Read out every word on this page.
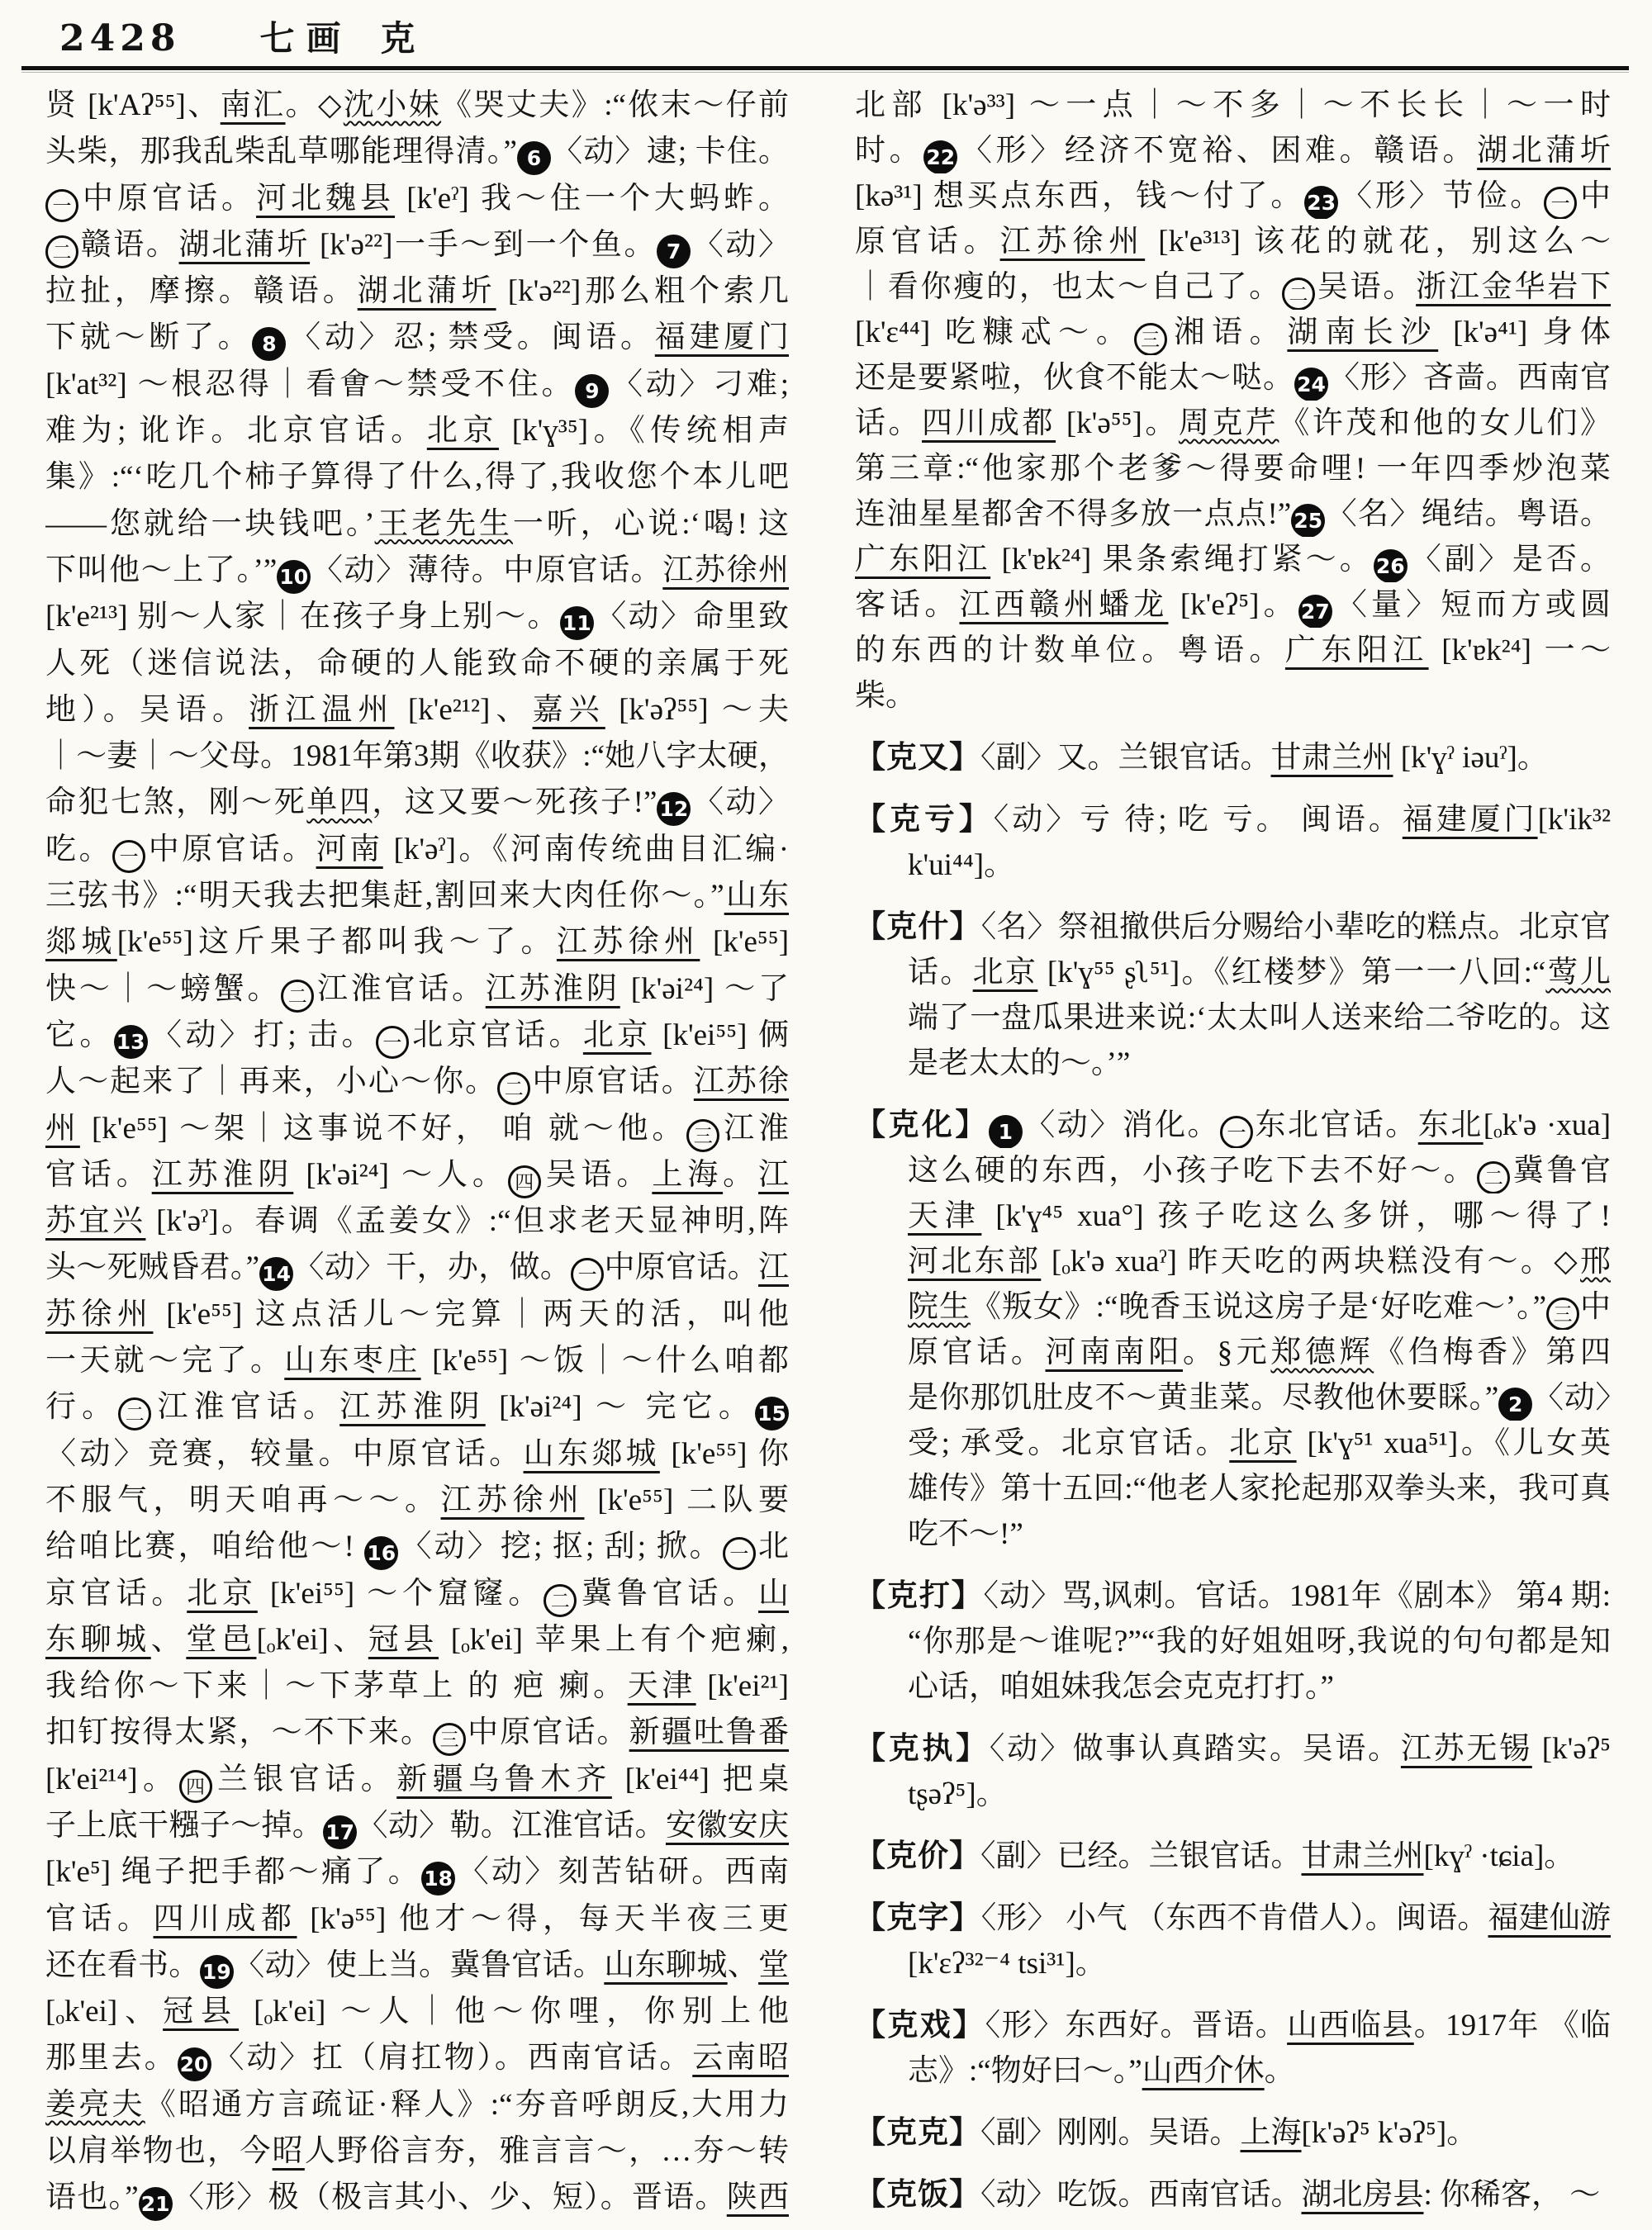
2428 七画 克
贤 [k'Aʔ⁵⁵]、南汇。◇沈小妹《哭丈夫》:“侬末～仔前
头柴，那我乱柴乱草哪能理得清。” 6 〈动〉逮; 卡住。
一 中原官话。河北魏县 [k'eˀ] 我～住一个大蚂蚱。
二 赣语。湖北蒲圻 [k'ə²²]一手～到一个鱼。 7 〈动〉
拉扯，摩擦。赣语。湖北蒲圻 [k'ə²²]那么粗个索几
下就～断了。 8 〈动〉忍; 禁受。闽语。福建厦门
[k'at³²] ～根忍得｜看㑹～禁受不住。 9 〈动〉刁难;
难为; 讹诈。北京官话。北京 [k'ɣ³⁵]。《传统相声
集》:“‘吃几个柿子算得了什么,得了,我收您个本儿吧
——您就给一块钱吧。’王老先生一听，心说:‘喝! 这
下叫他～上了。’” 10〈动〉薄待。中原官话。江苏徐州
[k'e²¹³] 别～人家｜在孩子身上别～。 11〈动〉命里致
人死（迷信说法，命硬的人能致命不硬的亲属于死
地）。吴语。浙江温州 [k'e²¹²]、嘉兴 [k'əʔ⁵⁵] ～夫
｜～妻｜～父母。1981年第3期《收获》:“她八字太硬，
命犯七煞，刚～死单四，这又要～死孩子!” 12〈动〉
吃。 一 中原官话。河南 [k'əˀ]。《河南传统曲目汇编·
三弦书》:“明天我去把集赶,割回来大肉任你～。”山东
郯城[k'e⁵⁵]这斤果子都叫我～了。江苏徐州 [k'e⁵⁵]
快～｜～螃蟹。 二 江淮官话。江苏淮阴 [k'əi²⁴] ～了
它。 13〈动〉打; 击。 一 北京官话。北京 [k'ei⁵⁵] 俩
人～起来了｜再来，小心～你。 二 中原官话。江苏徐
州 [k'e⁵⁵] ～架｜这事说不好， 咱 就～他。 三 江淮
官话。江苏淮阴 [k'əi²⁴] ～人。 四 吴语。上海。江
苏宜兴 [k'əˀ]。春调《孟姜女》:“但求老天显神明,阵
头～死贼昏君。” 14〈动〉干，办，做。 一 中原官话。江
苏徐州 [k'e⁵⁵] 这点活儿～完算｜两天的活，叫他
一天就～完了。山东枣庄 [k'e⁵⁵] ～饭｜～什么咱都
行。 二 江淮官话。江苏淮阴 [k'əi²⁴] ～ 完它。 15
〈动〉竞赛，较量。中原官话。山东郯城 [k'e⁵⁵] 你
不服气，明天咱再～～。江苏徐州 [k'e⁵⁵] 二队要
给咱比赛，咱给他～! 16〈动〉挖; 抠; 刮; 掀。 一 北
京官话。北京 [k'ei⁵⁵] ～个窟窿。 二 冀鲁官话。山
东聊城、堂邑[ₒk'ei]、冠县 [ₒk'ei] 苹果上有个疤瘌,
我给你～下来｜～下茅草上 的 疤 瘌。天津 [k'ei²¹]
扣钉按得太紧，～不下来。 三 中原官话。新疆吐鲁番
[k'ei²¹⁴]。 四 兰银官话。新疆乌鲁木齐 [k'ei⁴⁴] 把桌
子上底干糨子～掉。 17〈动〉勒。江淮官话。安徽安庆
[k'e⁵] 绳子把手都～痛了。 18〈动〉刻苦钻研。西南
官话。四川成都 [k'ə⁵⁵] 他才～得，每天半夜三更
还在看书。 19〈动〉使上当。冀鲁官话。山东聊城、堂
[ₒk'ei]、冠县 [ₒk'ei] ～人｜他～你哩，你别上他
那里去。 20〈动〉扛（肩扛物）。西南官话。云南昭
姜亮夫《昭通方言疏证·释人》:“夯音呼朗反,大用力
以肩举物也，今昭人野俗言夯，雅言言～，…夯～转
语也。” 21〈形〉极（极言其小、少、短）。晋语。陕西
北部 [k'ə³³] ～一点｜～不多｜～不长长｜～一时
时。 22〈形〉经济不宽裕、困难。赣语。湖北蒲圻
[kə³¹] 想买点东西，钱～付了。 23〈形〉节俭。 一 中
原官话。江苏徐州 [k'e³¹³] 该花的就花，别这么～
｜看你瘦的，也太～自己了。 二 吴语。浙江金华岩下
[k'ɛ⁴⁴] 吃糠忒～。 三 湘语。湖南长沙 [k'ə⁴¹] 身体
还是要紧啦，伙食不能太～哒。 24〈形〉吝啬。西南官
话。四川成都 [k'ə⁵⁵]。周克芹《许茂和他的女儿们》
第三章:“他家那个老爹～得要命哩! 一年四季炒泡菜
连油星星都舍不得多放一点点!” 25〈名〉绳结。粤语。
广东阳江 [k'ɐk²⁴] 果条索绳打紧～。 26〈副〉是否。
客话。江西赣州蟠龙 [k'eʔ⁵]。 27〈量〉短而方或圆
的东西的计数单位。粤语。广东阳江 [k'ɐk²⁴] 一～
柴。
【克又】〈副〉又。兰银官话。甘肃兰州 [k'ɣˀ iəuˀ]。
【克亏】〈动〉亏 待; 吃 亏。 闽语。福建厦门[k'ik³²
k'ui⁴⁴]。
【克什】〈名〉祭祖撤供后分赐给小辈吃的糕点。北京官
话。北京 [k'ɣ⁵⁵ ʂʅ⁵¹]。《红楼梦》第一一八回:“莺儿
端了一盘瓜果进来说:‘太太叫人送来给二爷吃的。这
是老太太的～。’”
【克化】 1 〈动〉消化。 一 东北官话。东北[ₒk'ə ·xua]
这么硬的东西，小孩子吃下去不好～。 二 冀鲁官
天津 [k'ɣ⁴⁵ xua°] 孩子吃这么多饼，哪～得了!
河北东部 [ₒk'ə xuaˀ] 昨天吃的两块糕没有～。◇邢
院生《叛女》:“晚香玉说这房子是‘好吃难～’。” 三 中
原官话。河南南阳。§元郑德辉《㑇梅香》第四
是你那饥肚皮不～黄韭菜。尽教他休要睬。” 2 〈动〉
受; 承受。北京官话。北京 [k'ɣ⁵¹ xua⁵¹]。《儿女英
雄传》第十五回:“他老人家抡起那双拳头来，我可真
吃不～!”
【克打】〈动〉骂,讽刺。官话。1981年《剧本》 第4 期:
“你那是～谁呢?”“我的好姐姐呀,我说的句句都是知
心话，咱姐妹我怎会克克打打。”
【克执】〈动〉做事认真踏实。吴语。江苏无锡 [k'əʔ⁵
tʂəʔ⁵]。
【克价】〈副〉已经。兰银官话。甘肃兰州[kɣˀ ·tɕia]。
【克字】〈形〉 小气 （东西不肯借人）。闽语。福建仙游
[k'ɛʔ³²⁻⁴ tsi³¹]。
【克戏】〈形〉东西好。晋语。山西临县。1917年 《临
志》:“物好曰～。”山西介休。
【克克】〈副〉刚刚。吴语。上海[k'əʔ⁵ k'əʔ⁵]。
【克饭】〈动〉吃饭。西南官话。湖北房县: 你稀客， ～
